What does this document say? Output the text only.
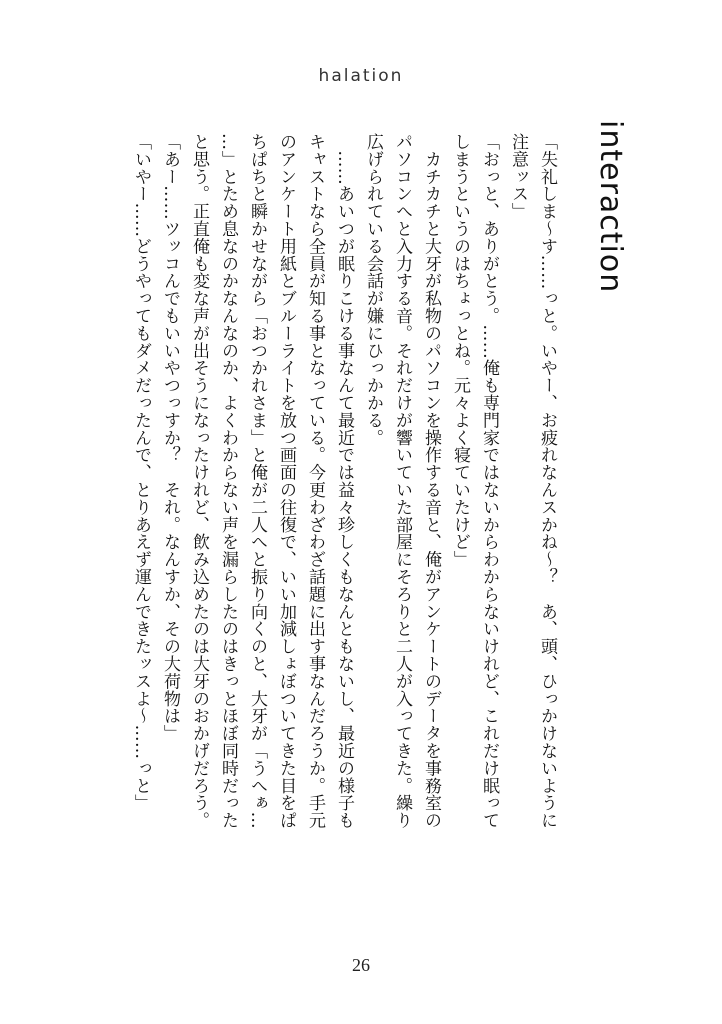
halation
interaction
「失礼しま〜す……っと。いやー、お疲れなんスかね〜？　あ、頭、ひっかけないように
注意ッス」
「おっと、ありがとう。……俺も専門家ではないからわからないけれど、これだけ眠って
しまうというのはちょっとね。元々よく寝ていたけど」
　カチカチと大牙が私物のパソコンを操作する音と、俺がアンケートのデータを事務室の
パソコンへと入力する音。それだけが響いていた部屋にそろりと二人が入ってきた。繰り
広げられている会話が嫌にひっかかる。
　……あいつが眠りこける事なんて最近では益々珍しくもなんともないし、最近の様子も
キャストなら全員が知る事となっている。今更わざわざ話題に出す事なんだろうか。手元
のアンケート用紙とブルーライトを放つ画面の往復で、いい加減しょぼついてきた目をぱ
ちぱちと瞬かせながら「おつかれさま」と俺が二人へと振り向くのと、大牙が「うへぁ…
…」とため息なのかなんなのか、よくわからない声を漏らしたのはきっとほぼ同時だった
と思う。正直俺も変な声が出そうになったけれど、飲み込めたのは大牙のおかげだろう。
「あー……ツッコんでもいいやつっすか？　それ。なんすか、その大荷物は」
「いやー……どうやってもダメだったんで、とりあえず運んできたッスよ〜……っと」
26
